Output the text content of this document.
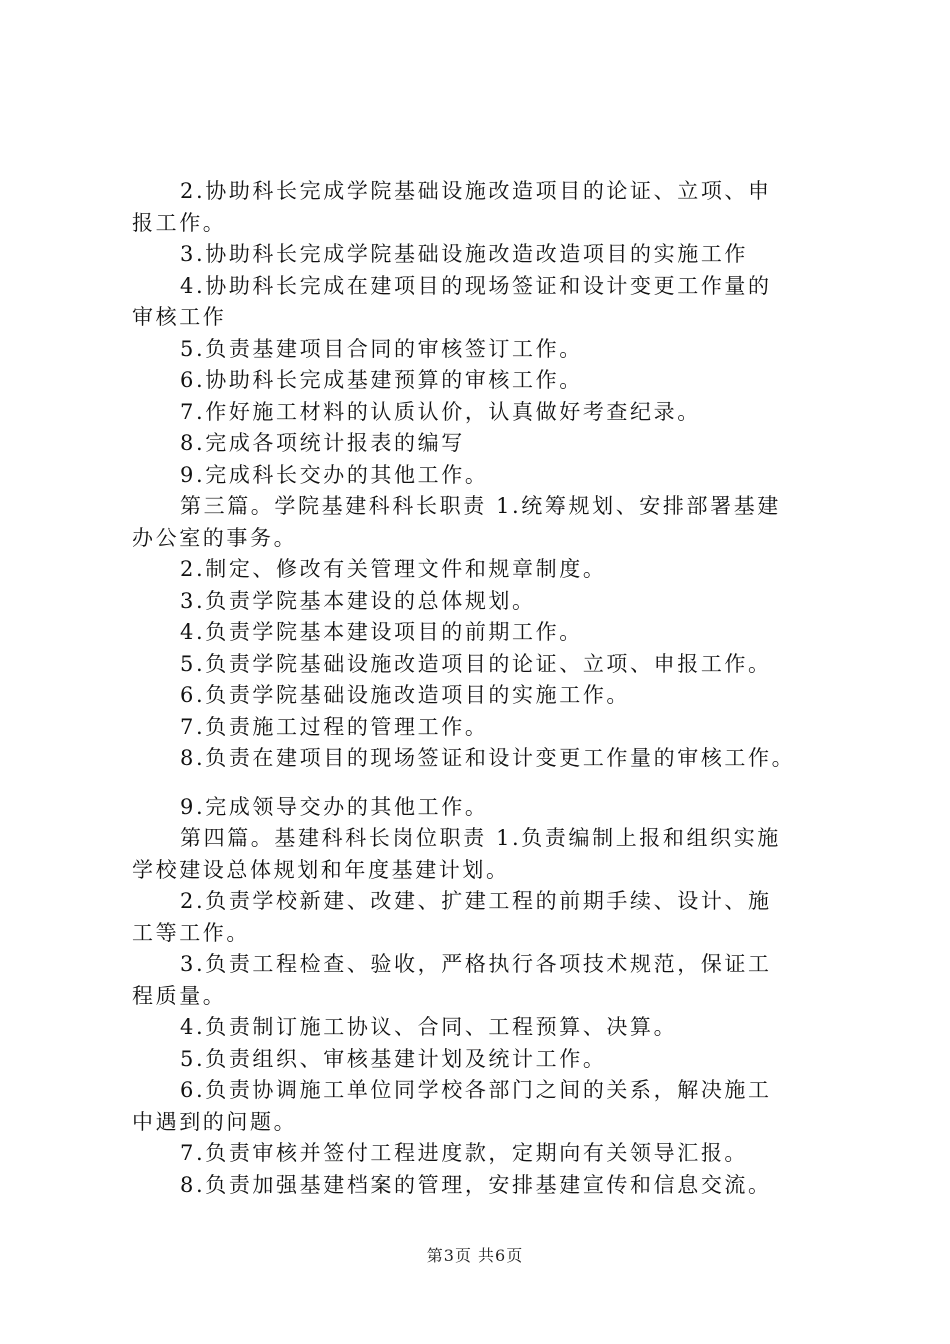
2.协助科长完成学院基础设施改造项目的论证、立项、申
报工作。
3.协助科长完成学院基础设施改造改造项目的实施工作
4.协助科长完成在建项目的现场签证和设计变更工作量的
审核工作
5.负责基建项目合同的审核签订工作。
6.协助科长完成基建预算的审核工作。
7.作好施工材料的认质认价，认真做好考查纪录。
8.完成各项统计报表的编写
9.完成科长交办的其他工作。
第三篇。学院基建科科长职责 1.统筹规划、安排部署基建
办公室的事务。
2.制定、修改有关管理文件和规章制度。
3.负责学院基本建设的总体规划。
4.负责学院基本建设项目的前期工作。
5.负责学院基础设施改造项目的论证、立项、申报工作。
6.负责学院基础设施改造项目的实施工作。
7.负责施工过程的管理工作。
8.负责在建项目的现场签证和设计变更工作量的审核工作。
9.完成领导交办的其他工作。
第四篇。基建科科长岗位职责 1.负责编制上报和组织实施
学校建设总体规划和年度基建计划。
2.负责学校新建、改建、扩建工程的前期手续、设计、施
工等工作。
3.负责工程检查、验收，严格执行各项技术规范，保证工
程质量。
4.负责制订施工协议、合同、工程预算、决算。
5.负责组织、审核基建计划及统计工作。
6.负责协调施工单位同学校各部门之间的关系，解决施工
中遇到的问题。
7.负责审核并签付工程进度款，定期向有关领导汇报。
8.负责加强基建档案的管理，安排基建宣传和信息交流。
第3页 共6页
